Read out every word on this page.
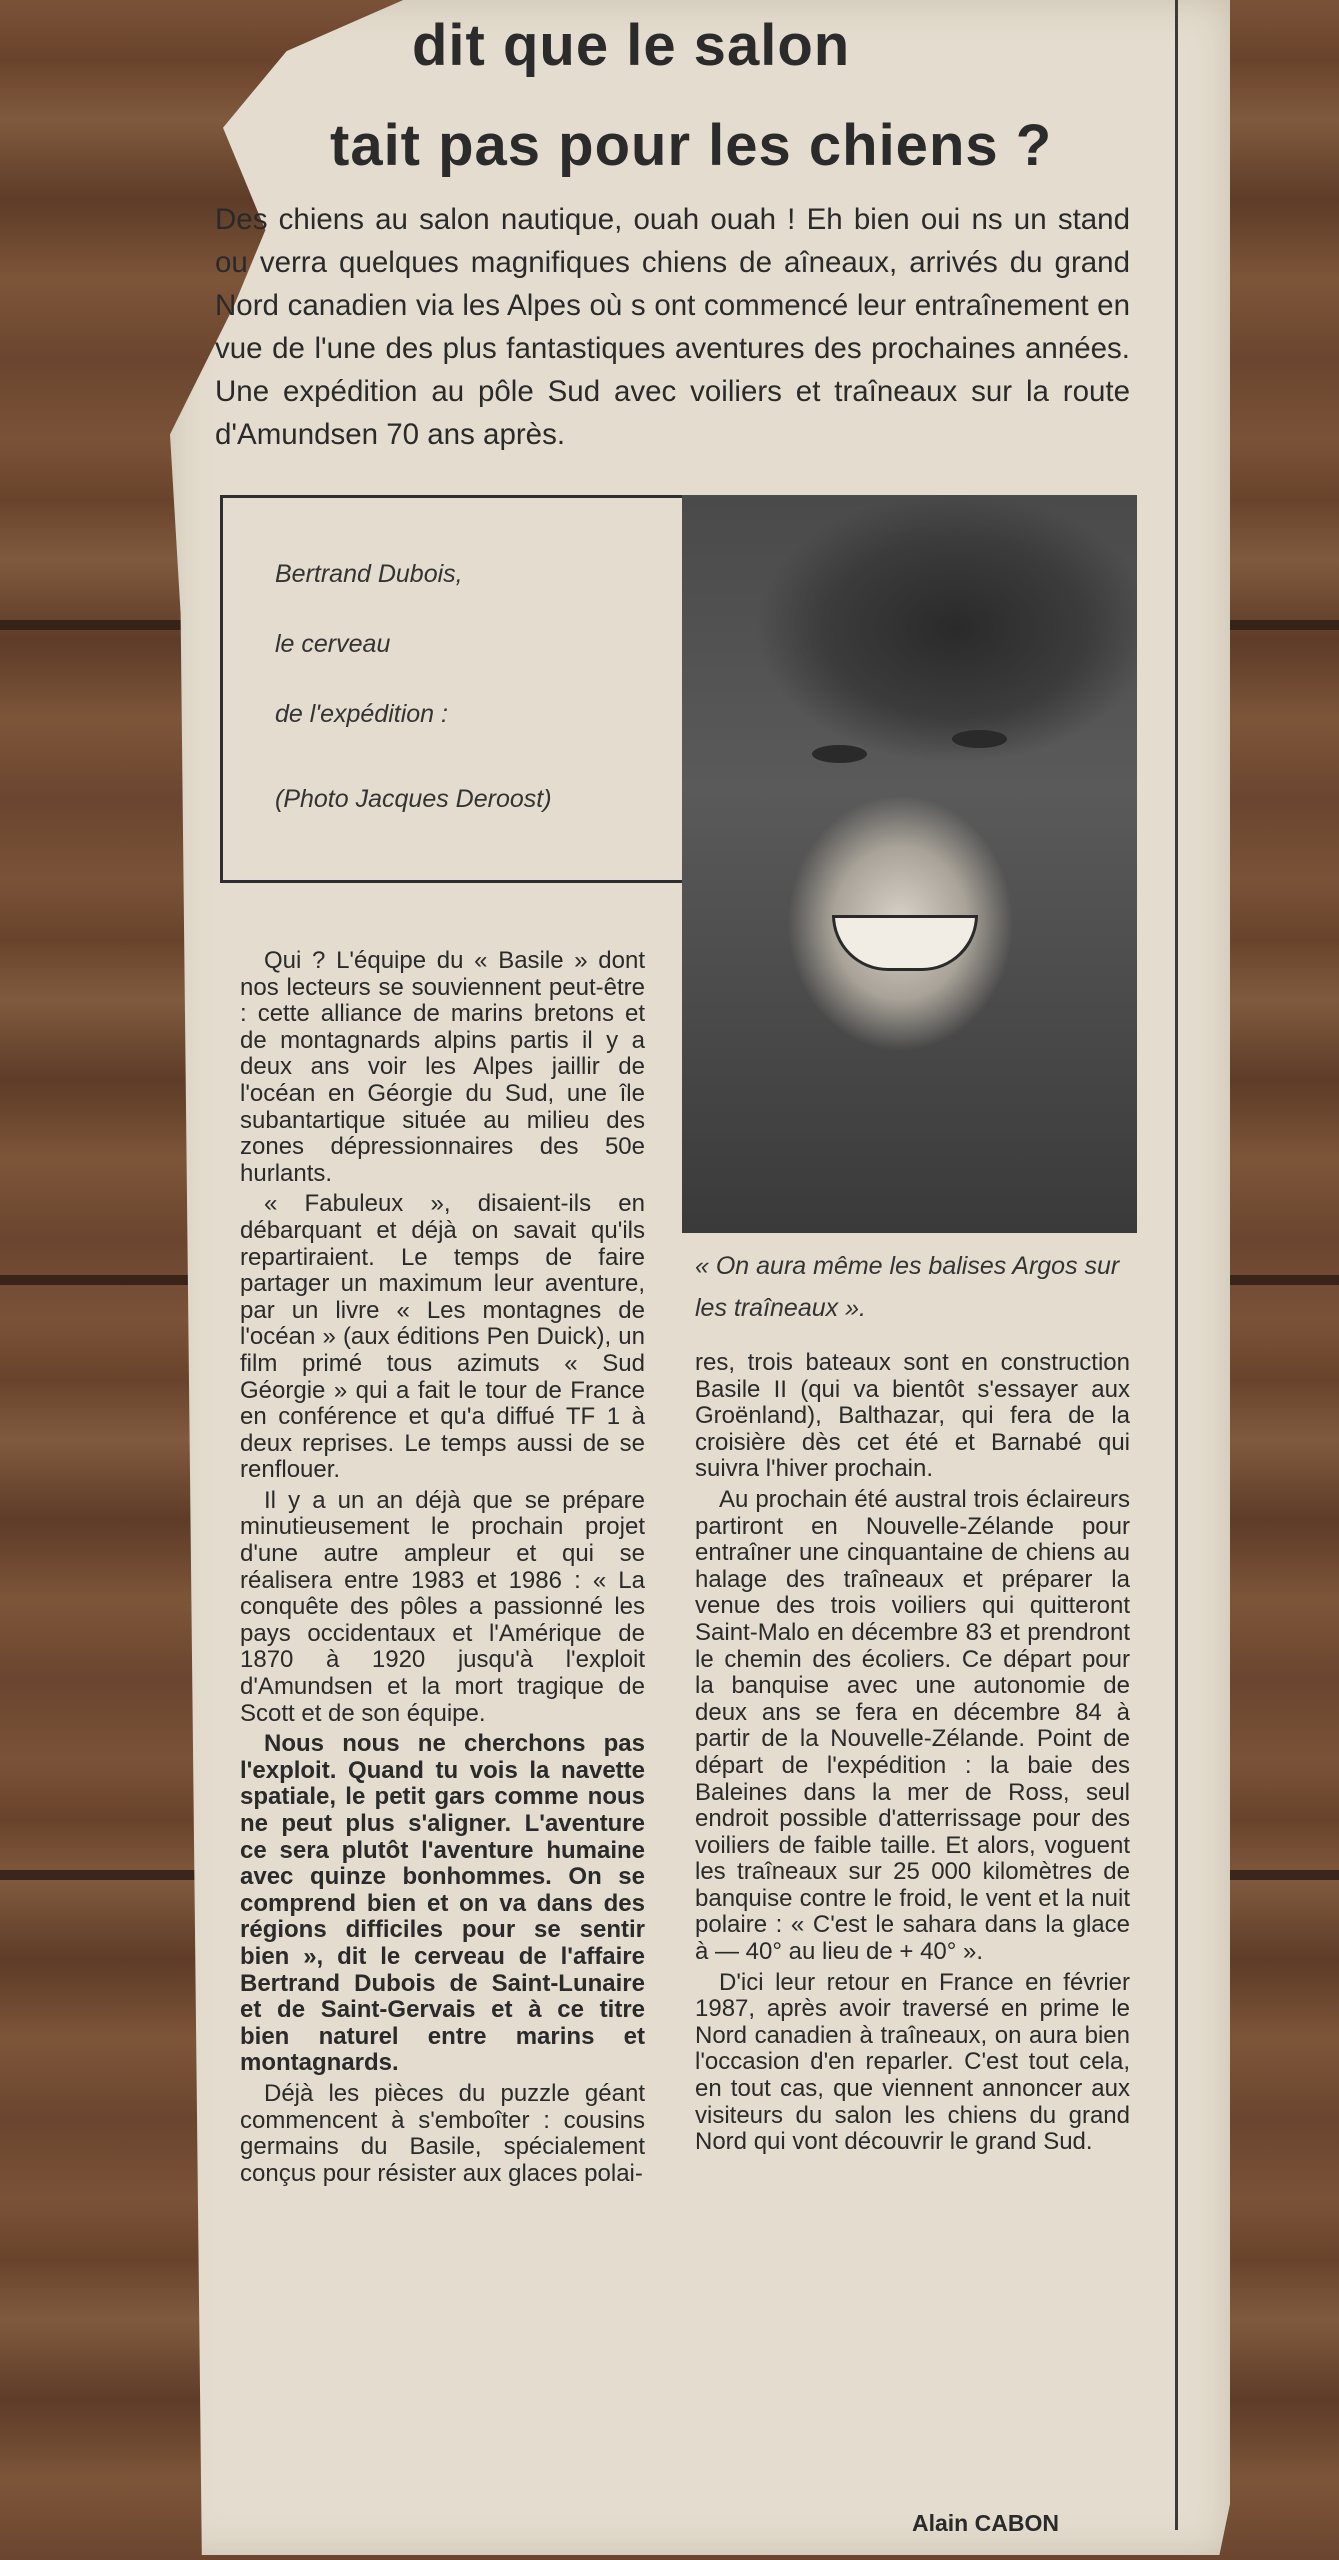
dit que le salon
tait pas pour les chiens ?
Des chiens au salon nautique, ouah ouah ! Eh bien oui ns un stand ou verra quelques magnifiques chiens de aîneaux, arrivés du grand Nord canadien via les Alpes où s ont commencé leur entraînement en vue de l'une des plus fantastiques aventures des prochaines années. Une expédition au pôle Sud avec voiliers et traîneaux sur la route d'Amundsen 70 ans après.
Bertrand Dubois,
le cerveau
de l'expédition :
(Photo Jacques Deroost)
« On aura même les balises Argos sur les traîneaux ».

Qui ? L'équipe du « Basile » dont nos lecteurs se souviennent peut-être : cette alliance de marins bretons et de montagnards alpins partis il y a deux ans voir les Alpes jaillir de l'océan en Géorgie du Sud, une île subantartique située au milieu des zones dépressionnaires des 50e hurlants.

« Fabuleux », disaient-ils en débarquant et déjà on savait qu'ils repartiraient. Le temps de faire partager un maximum leur aventure, par un livre « Les montagnes de l'océan » (aux éditions Pen Duick), un film primé tous azimuts « Sud Géorgie » qui a fait le tour de France en conférence et qu'a diffué TF 1 à deux reprises. Le temps aussi de se renflouer.

Il y a un an déjà que se prépare minutieusement le prochain projet d'une autre ampleur et qui se réalisera entre 1983 et 1986 : « La conquête des pôles a passionné les pays occidentaux et l'Amérique de 1870 à 1920 jusqu'à l'exploit d'Amundsen et la mort tragique de Scott et de son équipe.

Nous nous ne cherchons pas l'exploit. Quand tu vois la navette spatiale, le petit gars comme nous ne peut plus s'aligner. L'aventure ce sera plutôt l'aventure humaine avec quinze bonhommes. On se comprend bien et on va dans des régions difficiles pour se sentir bien », dit le cerveau de l'affaire Bertrand Dubois de Saint-Lunaire et de Saint-Gervais et à ce titre bien naturel entre marins et montagnards.

Déjà les pièces du puzzle géant commencent à s'emboîter : cousins germains du Basile, spécialement conçus pour résister aux glaces polai-

res, trois bateaux sont en construction Basile II (qui va bientôt s'essayer aux Groënland), Balthazar, qui fera de la croisière dès cet été et Barnabé qui suivra l'hiver prochain.

Au prochain été austral trois éclaireurs partiront en Nouvelle-Zélande pour entraîner une cinquantaine de chiens au halage des traîneaux et préparer la venue des trois voiliers qui quitteront Saint-Malo en décembre 83 et prendront le chemin des écoliers. Ce départ pour la banquise avec une autonomie de deux ans se fera en décembre 84 à partir de la Nouvelle-Zélande. Point de départ de l'expédition : la baie des Baleines dans la mer de Ross, seul endroit possible d'atterrissage pour des voiliers de faible taille. Et alors, voguent les traîneaux sur 25 000 kilomètres de banquise contre le froid, le vent et la nuit polaire : « C'est le sahara dans la glace à — 40° au lieu de + 40° ».

D'ici leur retour en France en février 1987, après avoir traversé en prime le Nord canadien à traîneaux, on aura bien l'occasion d'en reparler. C'est tout cela, en tout cas, que viennent annoncer aux visiteurs du salon les chiens du grand Nord qui vont découvrir le grand Sud.

Alain CABON
